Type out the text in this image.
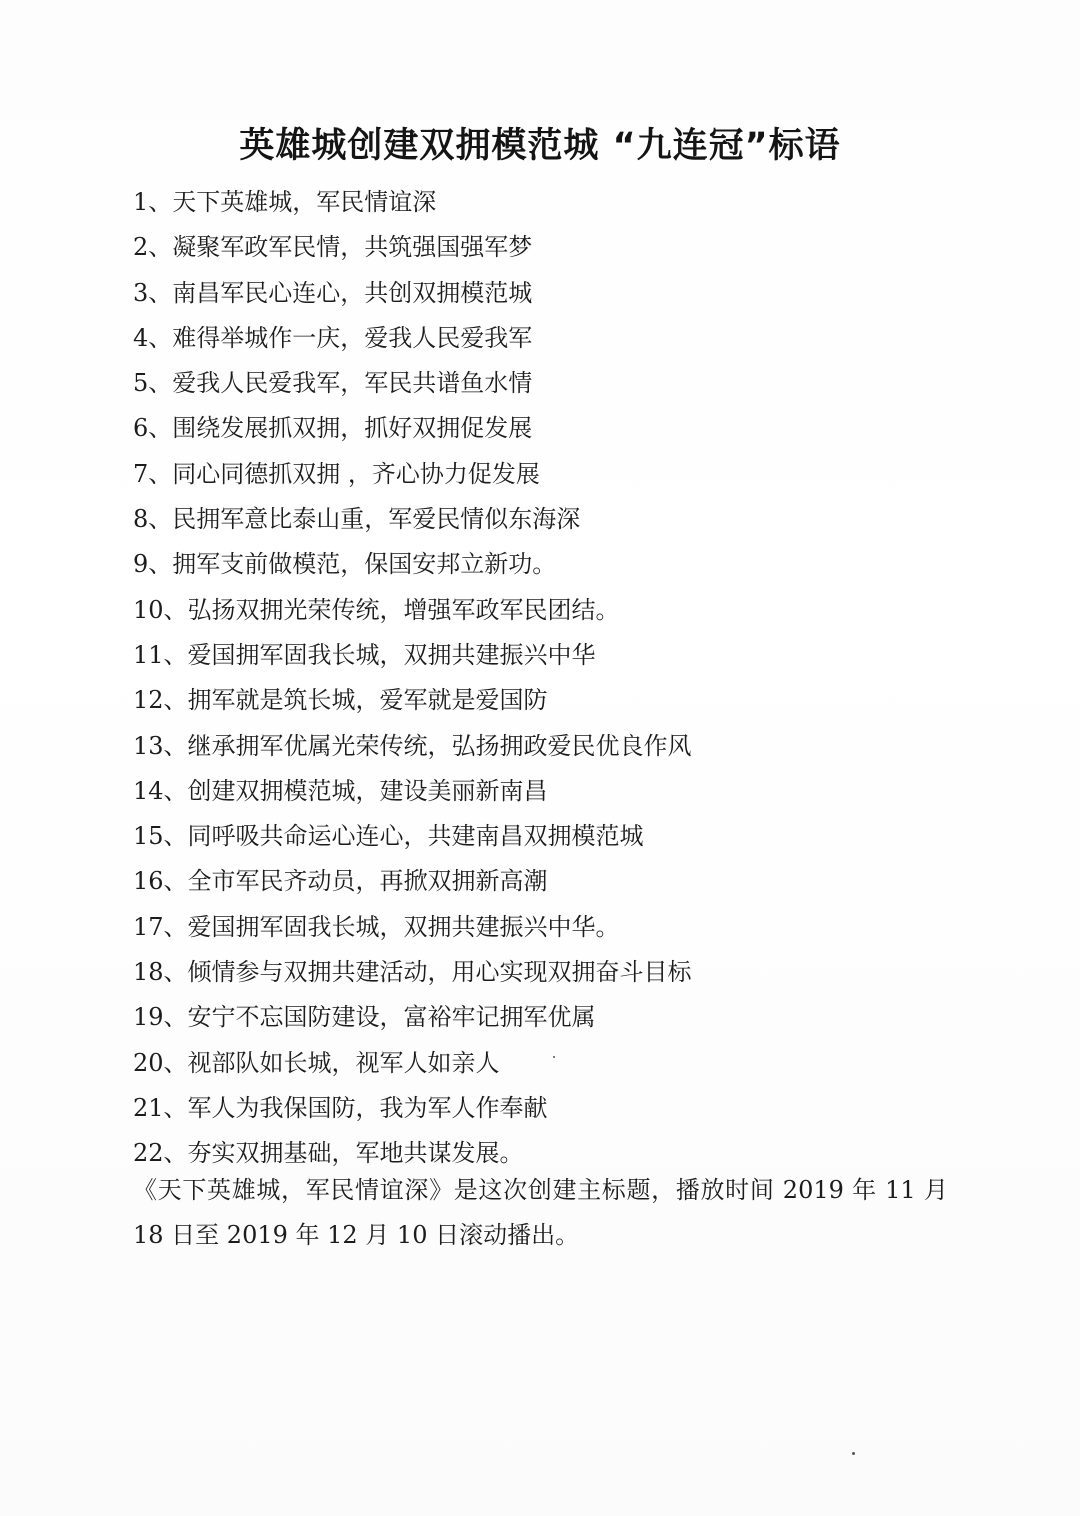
英雄城创建双拥模范城 “九连冠”标语
1、天下英雄城，军民情谊深
2、凝聚军政军民情，共筑强国强军梦
3、南昌军民心连心，共创双拥模范城
4、难得举城作一庆，爱我人民爱我军
5、爱我人民爱我军，军民共谱鱼水情
6、围绕发展抓双拥，抓好双拥促发展
7、同心同德抓双拥 ，齐心协力促发展
8、民拥军意比泰山重，军爱民情似东海深
9、拥军支前做模范，保国安邦立新功。
10、弘扬双拥光荣传统，增强军政军民团结。
11、爱国拥军固我长城，双拥共建振兴中华
12、拥军就是筑长城，爱军就是爱国防
13、继承拥军优属光荣传统，弘扬拥政爱民优良作风
14、创建双拥模范城，建设美丽新南昌
15、同呼吸共命运心连心，共建南昌双拥模范城
16、全市军民齐动员，再掀双拥新高潮
17、爱国拥军固我长城，双拥共建振兴中华。
18、倾情参与双拥共建活动，用心实现双拥奋斗目标
19、安宁不忘国防建设，富裕牢记拥军优属
20、视部队如长城，视军人如亲人
21、军人为我保国防，我为军人作奉献
22、夯实双拥基础，军地共谋发展。

《天下英雄城，军民情谊深》是这次创建主标题，播放时间 2019 年 11 月 18 日至 2019 年 12 月 10 日滚动播出。
